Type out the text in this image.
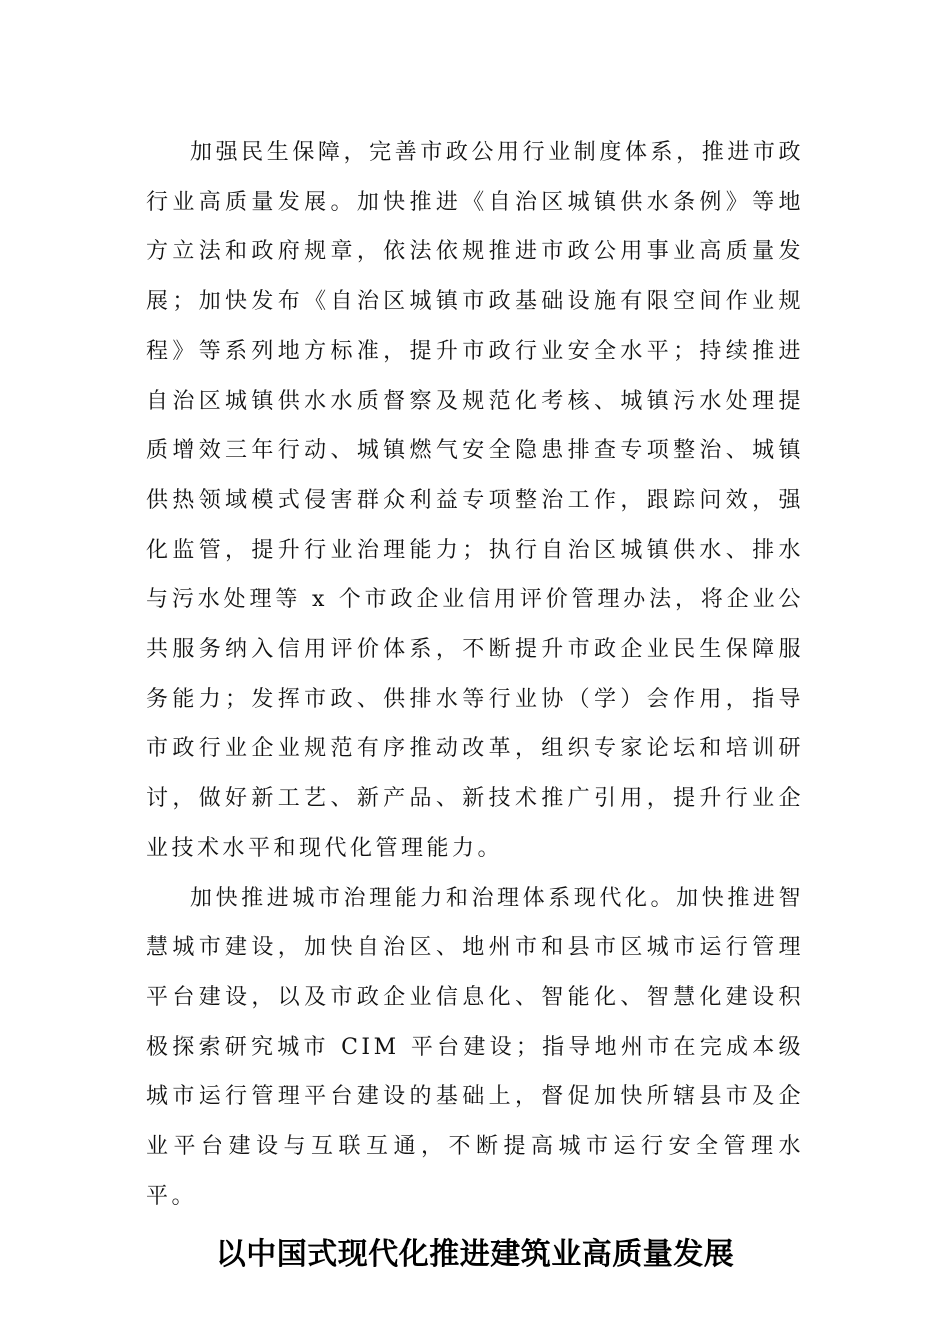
加强民生保障，完善市政公用行业制度体系，推进市政行业高质量发展。加快推进《自治区城镇供水条例》等地方立法和政府规章，依法依规推进市政公用事业高质量发展；加快发布《自治区城镇市政基础设施有限空间作业规程》等系列地方标准，提升市政行业安全水平；持续推进自治区城镇供水水质督察及规范化考核、城镇污水处理提质增效三年行动、城镇燃气安全隐患排查专项整治、城镇供热领域模式侵害群众利益专项整治工作，跟踪问效，强化监管，提升行业治理能力；执行自治区城镇供水、排水与污水处理等 x 个市政企业信用评价管理办法，将企业公共服务纳入信用评价体系，不断提升市政企业民生保障服务能力；发挥市政、供排水等行业协（学）会作用，指导市政行业企业规范有序推动改革，组织专家论坛和培训研讨，做好新工艺、新产品、新技术推广引用，提升行业企业技术水平和现代化管理能力。

加快推进城市治理能力和治理体系现代化。加快推进智慧城市建设，加快自治区、地州市和县市区城市运行管理平台建设，以及市政企业信息化、智能化、智慧化建设积极探索研究城市 CIM 平台建设；指导地州市在完成本级城市运行管理平台建设的基础上，督促加快所辖县市及企业平台建设与互联互通，不断提高城市运行安全管理水平。

以中国式现代化推进建筑业高质量发展
